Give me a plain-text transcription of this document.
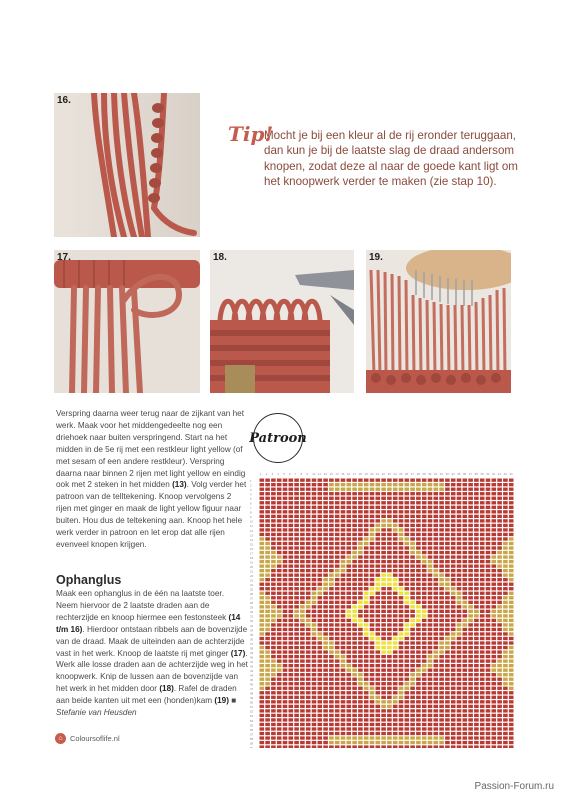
16.
17.	18.	19.
Tip!

Mocht je bij een kleur al de rij eronder teruggaan, dan kun je bij de laatste slag de draad andersom knopen, zodat deze al naar de goede kant ligt om het knoopwerk verder te maken (zie stap 10).

Verspring daarna weer terug naar de zijkant van het werk. Maak voor het middengedeelte nog een driehoek naar buiten verspringend. Start na het midden in de 5e rij met een restkleur light yellow (of met sesam of een andere restkleur). Verspring daarna naar binnen 2 rijen met light yellow en eindig ook met 2 steken in het midden (13). Volg verder het patroon van de telltekening. Knoop vervolgens 2 rijen met ginger en maak de light yellow figuur naar buiten. Hou dus de teltekening aan. Knoop het hele werk verder in patroon en let erop dat alle rijen evenveel knopen krijgen.

Ophanglus

Maak een ophanglus in de één na laatste toer. Neem hiervoor de 2 laatste draden aan de rechterzijde en knoop hiermee een festonsteek (14 t/m 16). Hierdoor ontstaan ribbels aan de bovenzijde van de draad. Maak de uiteinden aan de achterzijde vast in het werk. Knoop de laatste rij met ginger (17). Werk alle losse draden aan de achterzijde weg in het knoopwerk. Knip de lussen aan de bovenzijde van het werk in het midden door (18). Rafel de draden aan beide kanten uit met een (honden)kam (19) ■
Stefanie van Heusden

⌂ Coloursoflife.nl
Patroon
1
2
3
4
5
6
7
8
9
10
11
12
13
14
15
16
17
18
19
20
21
22
23
24
25
26
27
28
29
30
31
32
33
34
35
36
37
38
39
40
41
42
43
44
45
46
47
48
49
50
51
52
53
54
55
56
57
58
59
60
1 2 3 4 5 6 7 8 9 10 11 12 13 14 15 16 17 18 19 20 21 22 23 24 25 26 27 28 29 30 31 32 33 34 35 36 37 38 39 40 41 42 43 44
Passion-Forum.ru
